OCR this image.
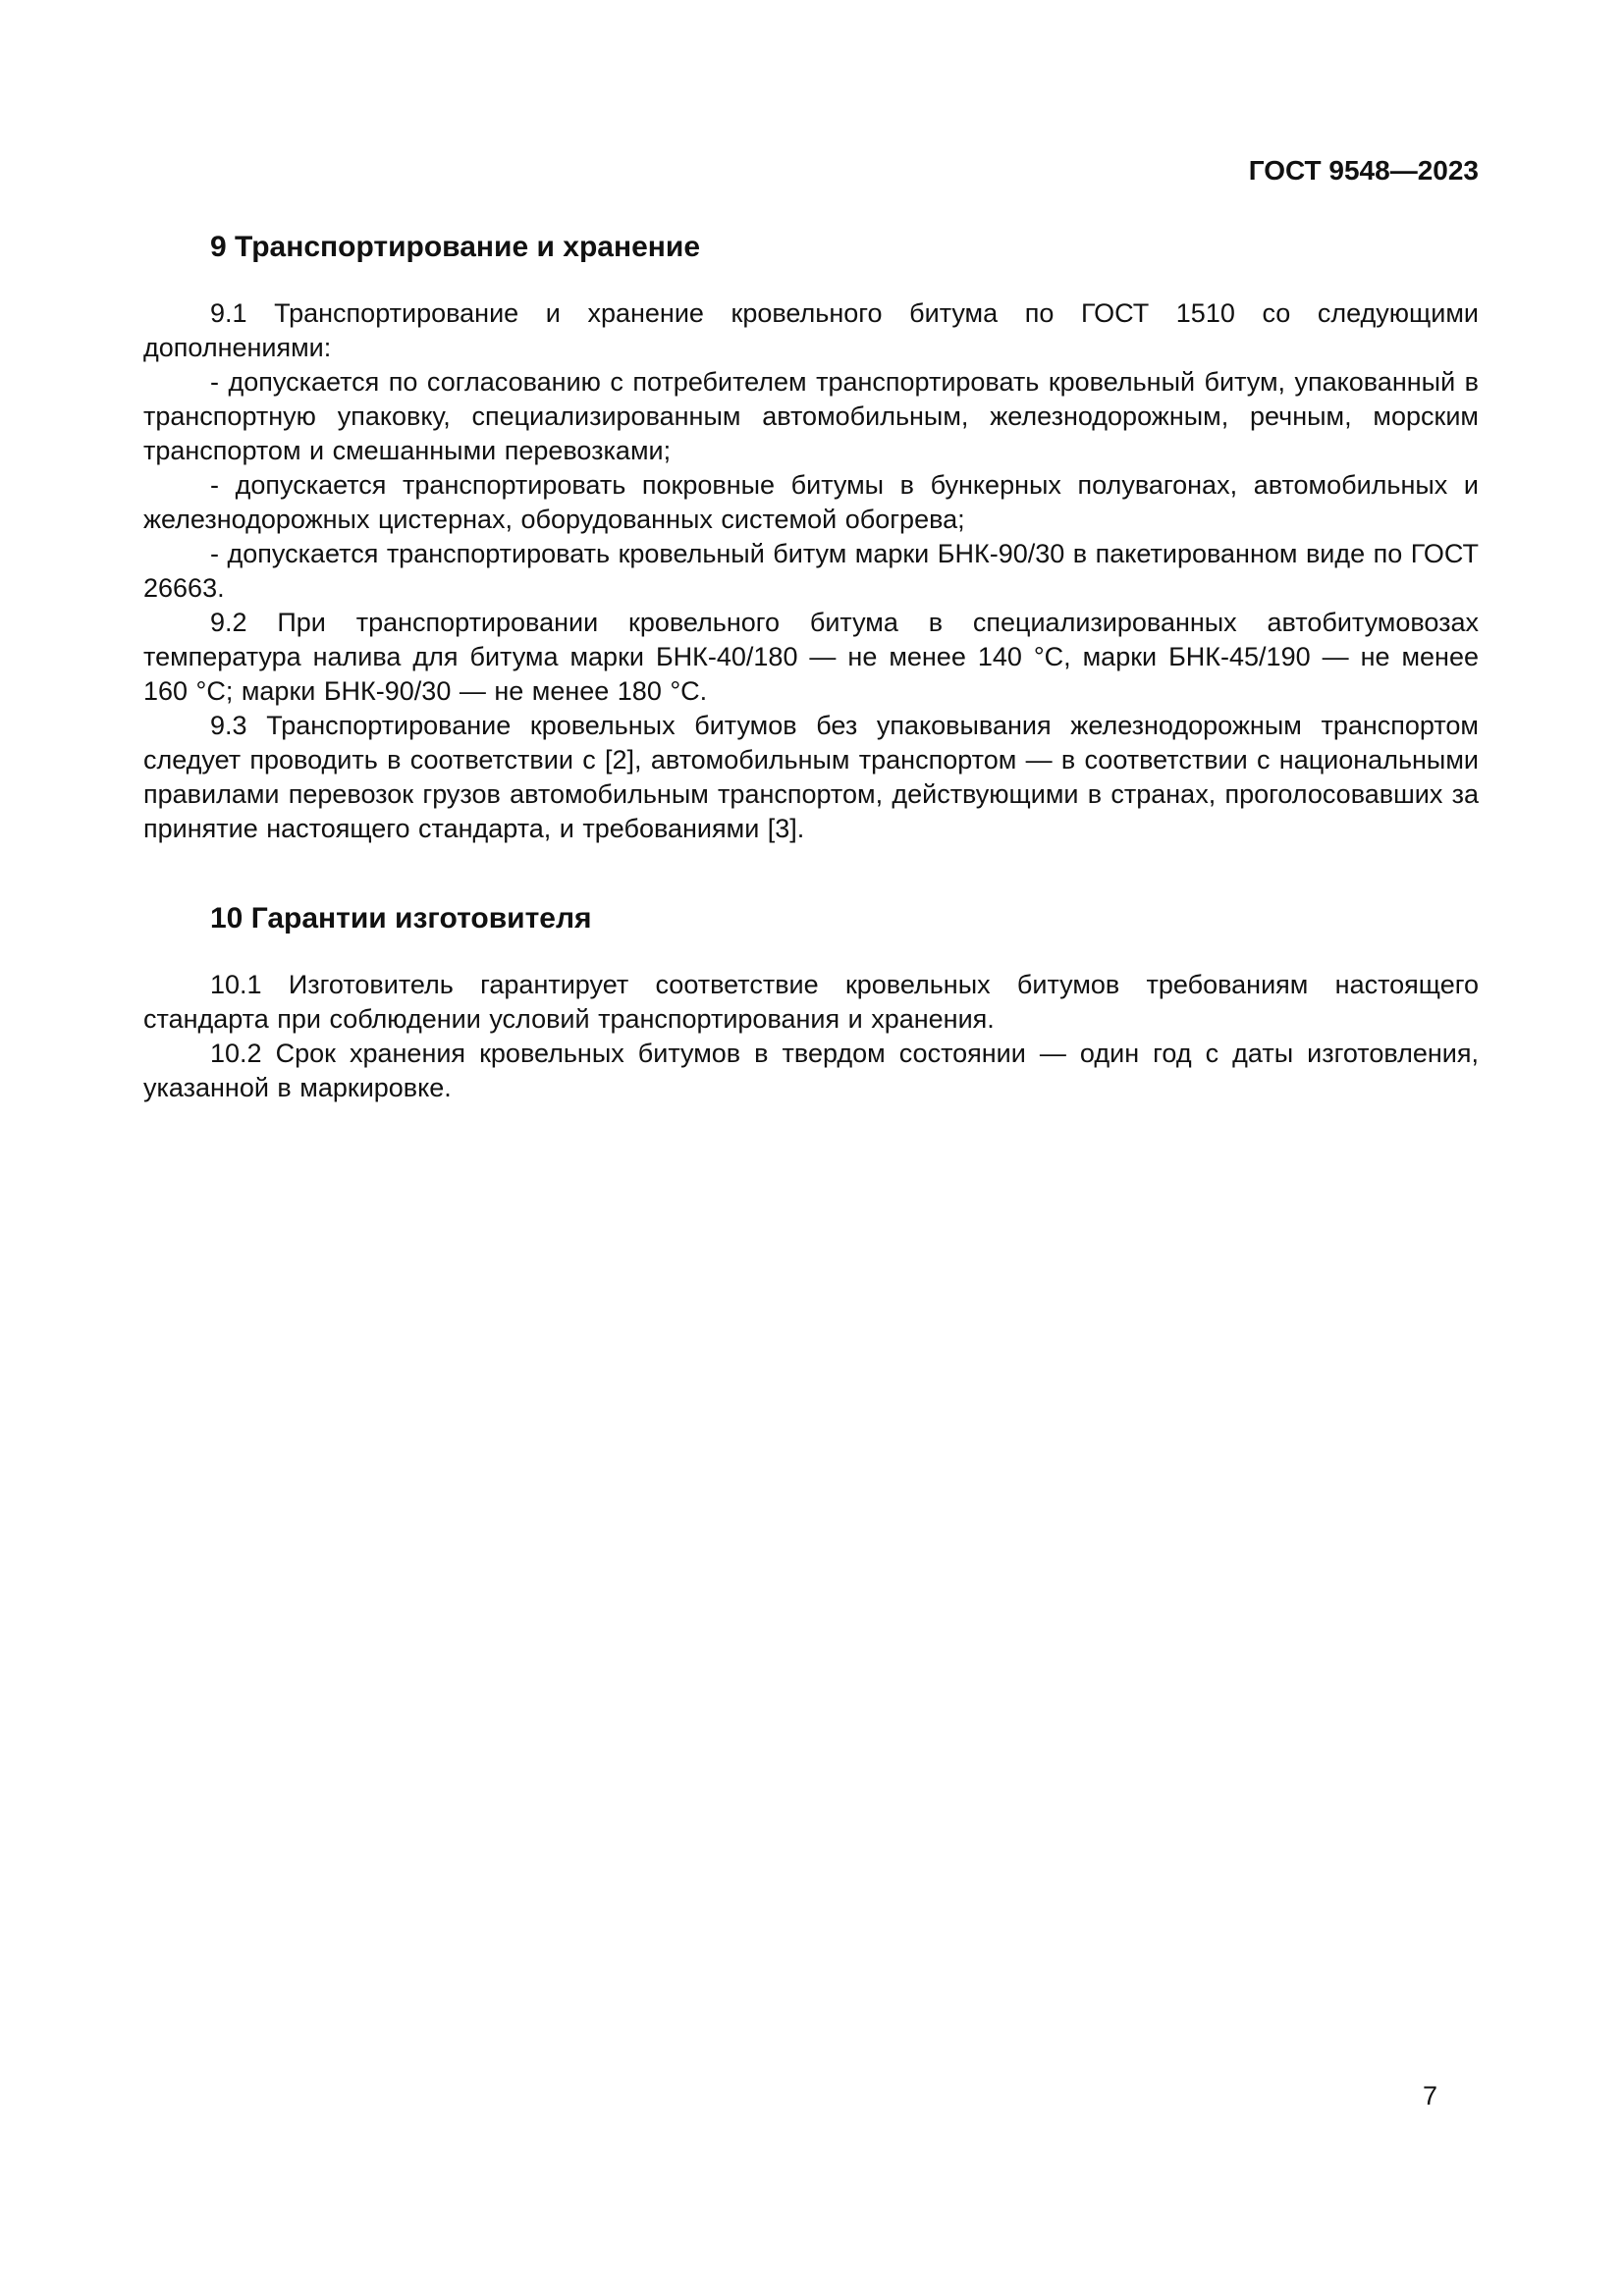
ГОСТ 9548—2023
9 Транспортирование и хранение

9.1 Транспортирование и хранение кровельного битума по ГОСТ 1510 со следующими дополнениями:

- допускается по согласованию с потребителем транспортировать кровельный битум, упакованный в транспортную упаковку, специализированным автомобильным, железнодорожным, речным, морским транспортом и смешанными перевозками;

- допускается транспортировать покровные битумы в бункерных полувагонах, автомобильных и железнодорожных цистернах, оборудованных системой обогрева;

- допускается транспортировать кровельный битум марки БНК-90/30 в пакетированном виде по ГОСТ 26663.

9.2 При транспортировании кровельного битума в специализированных автобитумовозах температура налива для битума марки БНК-40/180 — не менее 140 °С, марки БНК-45/190 — не менее 160 °С; марки БНК-90/30 — не менее 180 °С.

9.3 Транспортирование кровельных битумов без упаковывания железнодорожным транспортом следует проводить в соответствии с [2], автомобильным транспортом — в соответствии с национальными правилами перевозок грузов автомобильным транспортом, действующими в странах, проголосовавших за принятие настоящего стандарта, и требованиями [3].

10 Гарантии изготовителя

10.1 Изготовитель гарантирует соответствие кровельных битумов требованиям настоящего стандарта при соблюдении условий транспортирования и хранения.

10.2 Срок хранения кровельных битумов в твердом состоянии — один год с даты изготовления, указанной в маркировке.

7
